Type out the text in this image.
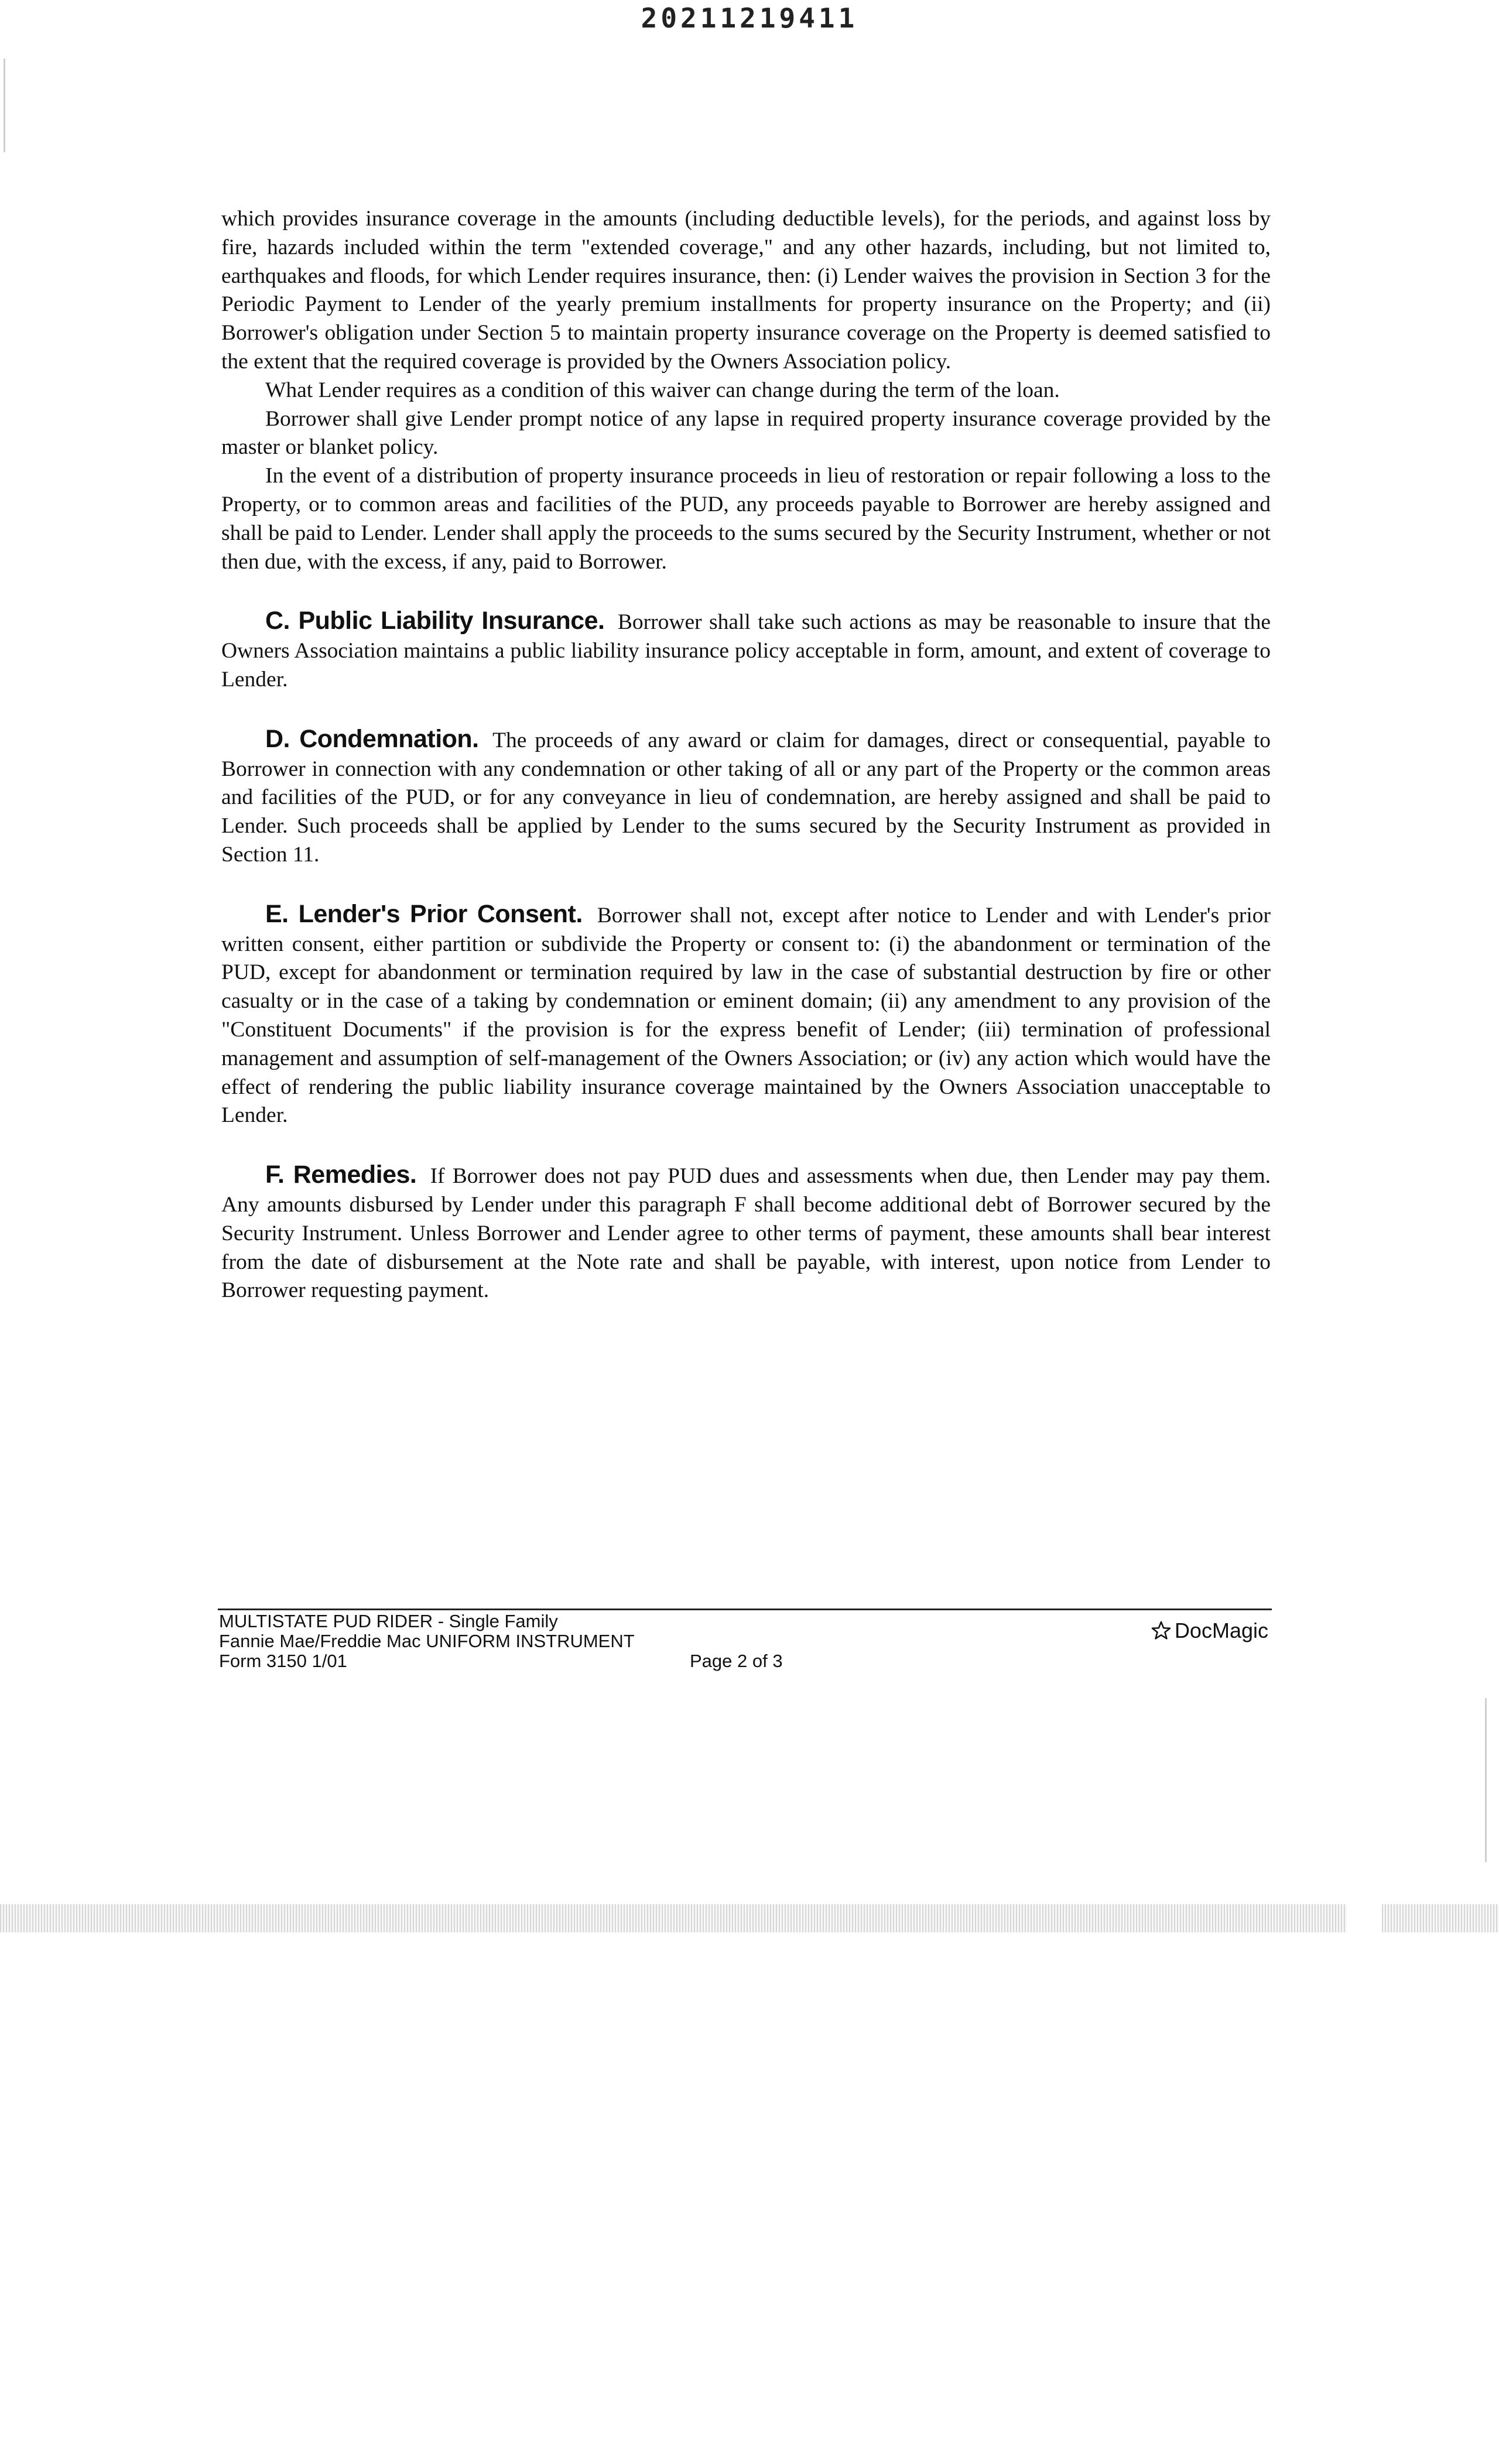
20211219411

which provides insurance coverage in the amounts (including deductible levels), for the periods, and against loss by fire, hazards included within the term "extended coverage," and any other hazards, including, but not limited to, earthquakes and floods, for which Lender requires insurance, then: (i) Lender waives the provision in Section 3 for the Periodic Payment to Lender of the yearly premium installments for property insurance on the Property; and (ii) Borrower's obligation under Section 5 to maintain property insurance coverage on the Property is deemed satisfied to the extent that the required coverage is provided by the Owners Association policy.

What Lender requires as a condition of this waiver can change during the term of the loan.

Borrower shall give Lender prompt notice of any lapse in required property insurance coverage provided by the master or blanket policy.

In the event of a distribution of property insurance proceeds in lieu of restoration or repair following a loss to the Property, or to common areas and facilities of the PUD, any proceeds payable to Borrower are hereby assigned and shall be paid to Lender. Lender shall apply the proceeds to the sums secured by the Security Instrument, whether or not then due, with the excess, if any, paid to Borrower.

C. Public Liability Insurance. Borrower shall take such actions as may be reasonable to insure that the Owners Association maintains a public liability insurance policy acceptable in form, amount, and extent of coverage to Lender.

D. Condemnation. The proceeds of any award or claim for damages, direct or consequential, payable to Borrower in connection with any condemnation or other taking of all or any part of the Property or the common areas and facilities of the PUD, or for any conveyance in lieu of condemnation, are hereby assigned and shall be paid to Lender. Such proceeds shall be applied by Lender to the sums secured by the Security Instrument as provided in Section 11.

E. Lender's Prior Consent. Borrower shall not, except after notice to Lender and with Lender's prior written consent, either partition or subdivide the Property or consent to: (i) the abandonment or termination of the PUD, except for abandonment or termination required by law in the case of substantial destruction by fire or other casualty or in the case of a taking by condemnation or eminent domain; (ii) any amendment to any provision of the "Constituent Documents" if the provision is for the express benefit of Lender; (iii) termination of professional management and assumption of self-management of the Owners Association; or (iv) any action which would have the effect of rendering the public liability insurance coverage maintained by the Owners Association unacceptable to Lender.

F. Remedies. If Borrower does not pay PUD dues and assessments when due, then Lender may pay them. Any amounts disbursed by Lender under this paragraph F shall become additional debt of Borrower secured by the Security Instrument. Unless Borrower and Lender agree to other terms of payment, these amounts shall bear interest from the date of disbursement at the Note rate and shall be payable, with interest, upon notice from Lender to Borrower requesting payment.

MULTISTATE PUD RIDER - Single Family
Fannie Mae/Freddie Mac UNIFORM INSTRUMENT
Form 3150 1/01	Page 2 of 3
DocMagic
